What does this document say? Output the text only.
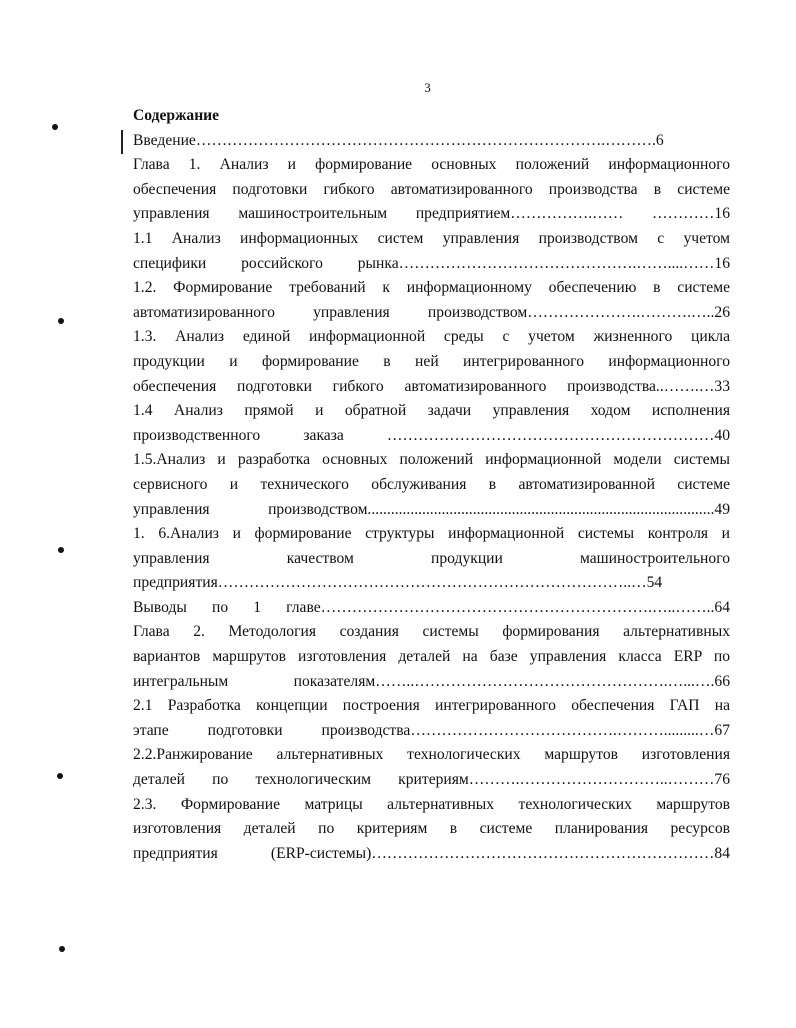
3
Содержание
Введение…………………………………………………………………….……….6
Глава 1. Анализ и формирование основных положений информационного
обеспечения подготовки гибкого автоматизированного производства в системе
управления машиностроительным предприятием…………….…… …………16
1.1 Анализ информационных систем управления производством с учетом
специфики российского рынка……………………………………….……....……16
1.2. Формирование требований к информационному обеспечению в системе
автоматизированного управления производством………………….……….…..26
1.3. Анализ единой информационной среды с учетом жизненного цикла
продукции и формирование в ней интегрированного информационного
обеспечения подготовки гибкого автоматизированного производства..…….…33
1.4 Анализ прямой и обратной задачи управления ходом исполнения
производственного заказа ………………………………………………………40
1.5.Анализ и разработка основных положений информационной модели системы
сервисного и технического обслуживания в автоматизированной системе
управления производством.........................................................................................49
1. 6.Анализ и формирование структуры информационной системы контроля и
управления качеством продукции машиностроительного
предприятия……………………………………………………………………..…54
Выводы по 1 главе……………………………………………………….…..……..64
Глава 2. Методология создания системы формирования альтернативных
вариантов маршрутов изготовления деталей на базе управления класса ERP по
интегральным показателям……..………………………………………….…...….66
2.1 Разработка концепции построения интегрированного обеспечения ГАП на
этапе подготовки производства………………………………….……….........…67
2.2.Ранжирование альтернативных технологических маршрутов изготовления
деталей по технологическим критериям……….………………………..………76
2.3. Формирование матрицы альтернативных технологических маршрутов
изготовления деталей по критериям в системе планирования ресурсов
предприятия (ERP-системы)…………………………………………………………84
